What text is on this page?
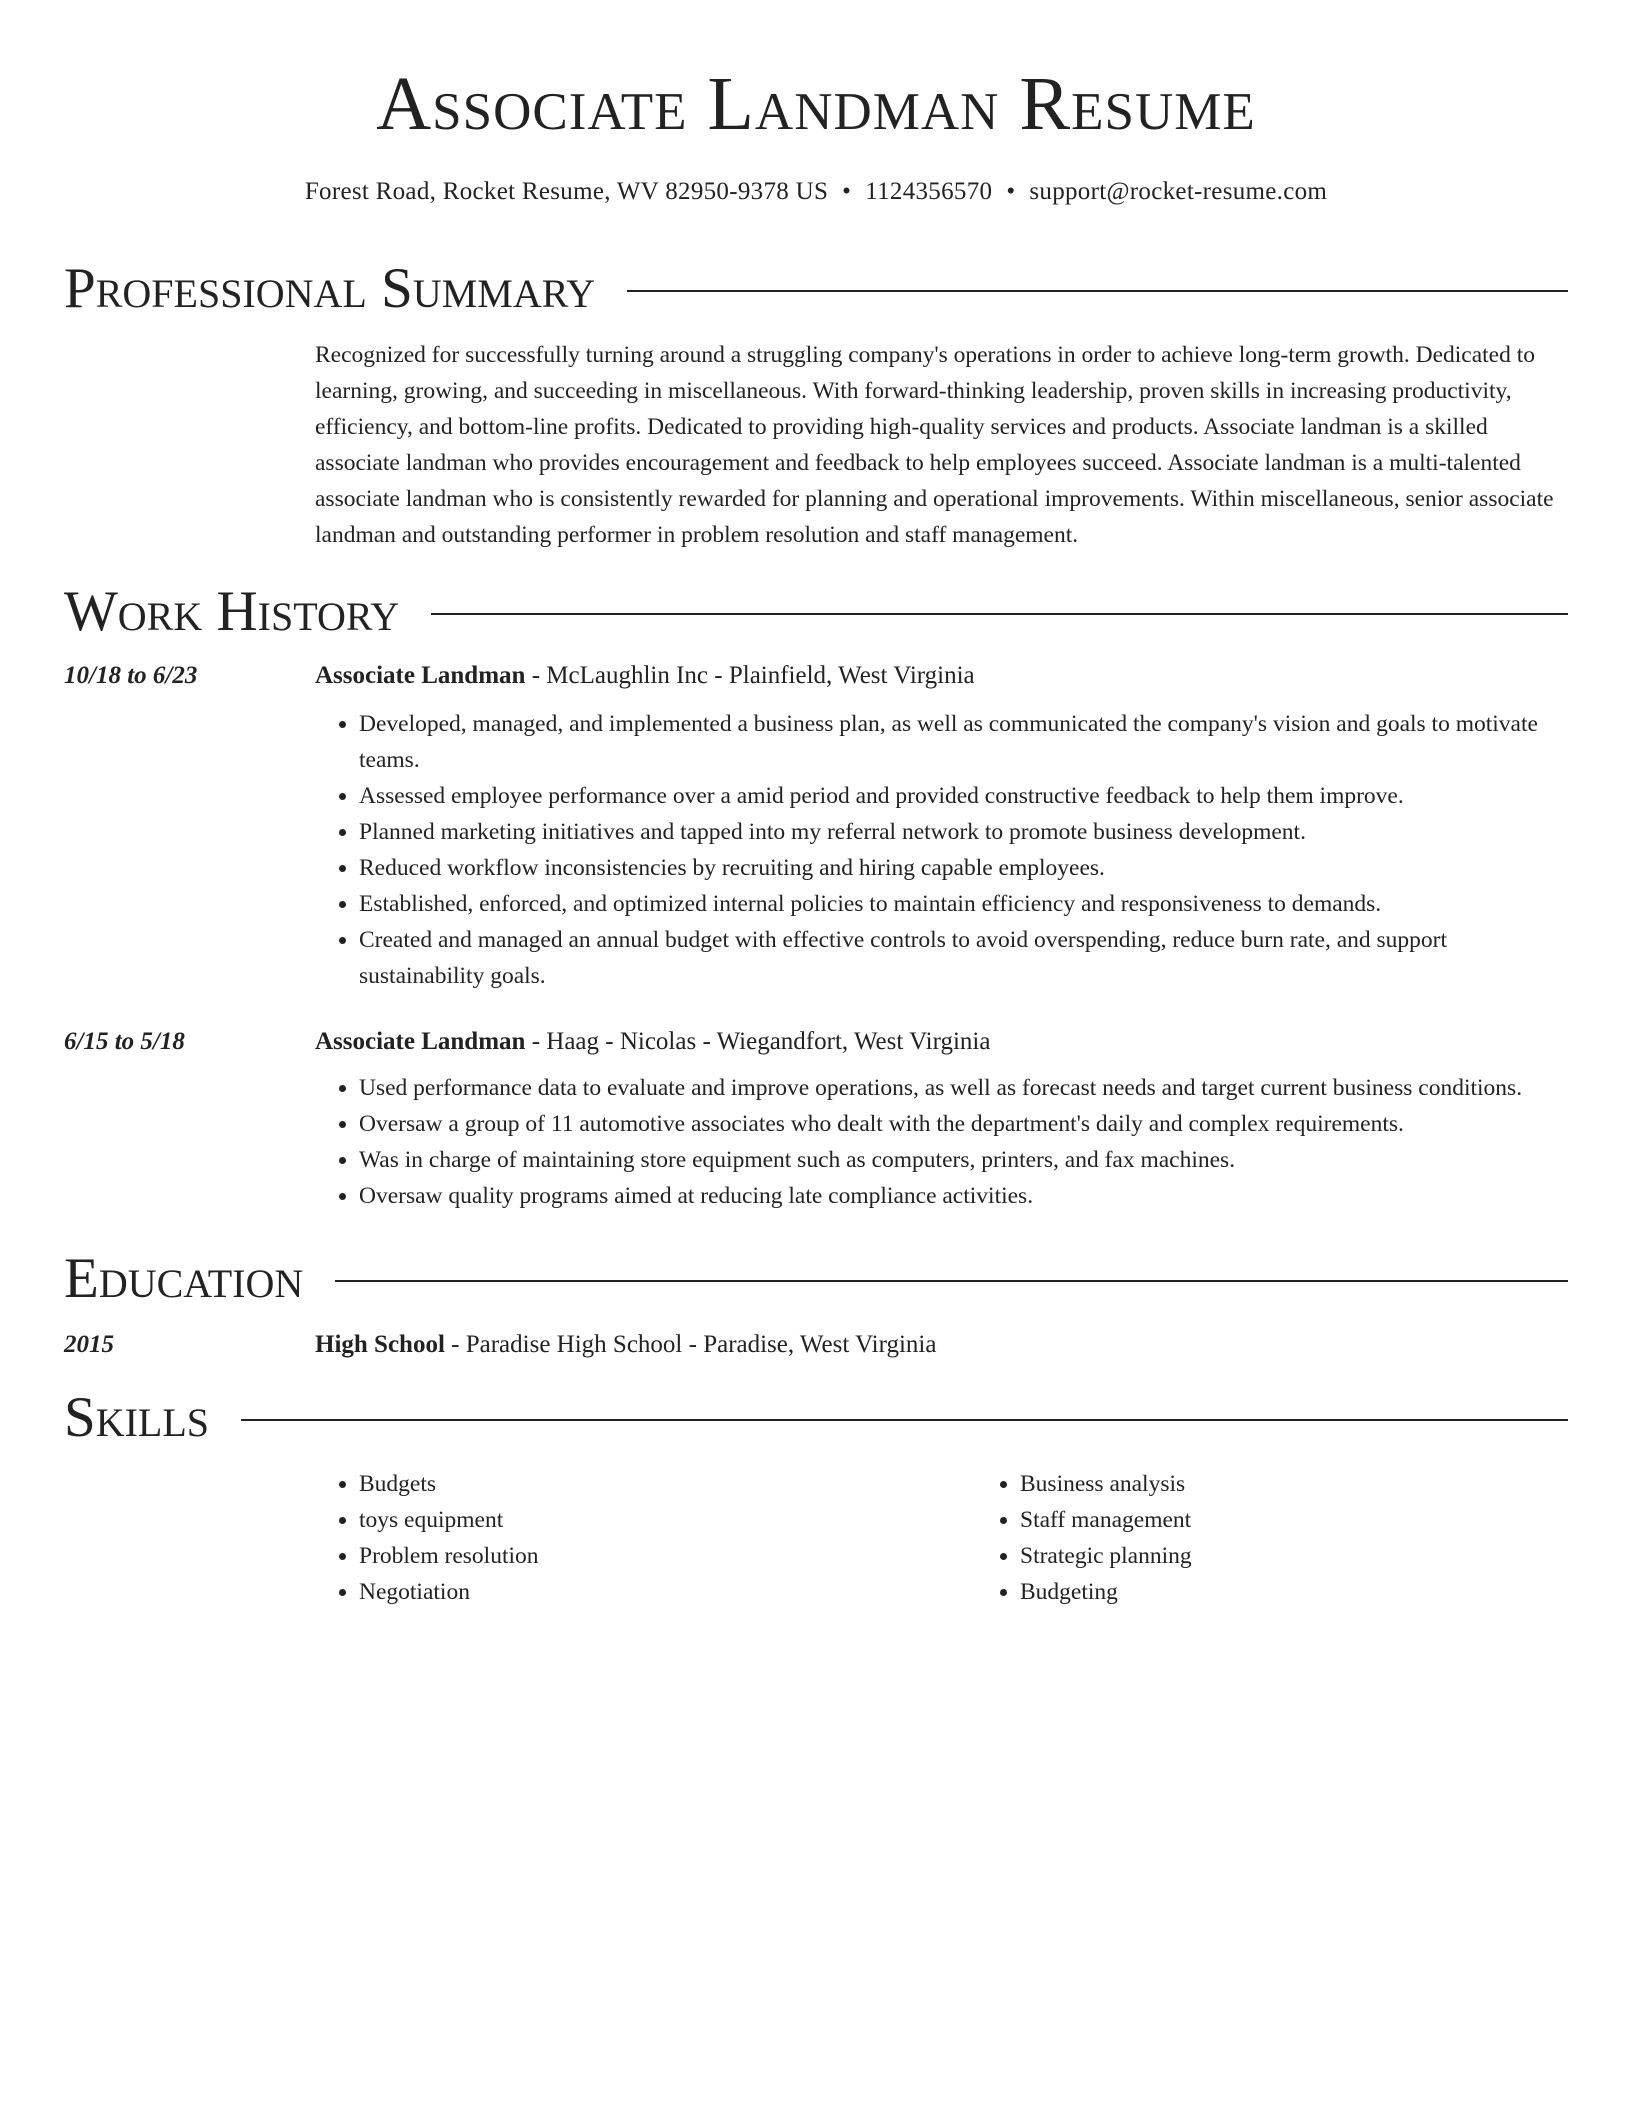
Associate Landman Resume
Forest Road, Rocket Resume, WV 82950-9378 US • 1124356570 • support@rocket-resume.com
Professional Summary
Recognized for successfully turning around a struggling company's operations in order to achieve long-term growth. Dedicated to learning, growing, and succeeding in miscellaneous. With forward-thinking leadership, proven skills in increasing productivity, efficiency, and bottom-line profits. Dedicated to providing high-quality services and products. Associate landman is a skilled associate landman who provides encouragement and feedback to help employees succeed. Associate landman is a multi-talented associate landman who is consistently rewarded for planning and operational improvements. Within miscellaneous, senior associate landman and outstanding performer in problem resolution and staff management.
Work History
10/18 to 6/23	Associate Landman - McLaughlin Inc - Plainfield, West Virginia
• Developed, managed, and implemented a business plan, as well as communicated the company's vision and goals to motivate teams.
• Assessed employee performance over a amid period and provided constructive feedback to help them improve.
• Planned marketing initiatives and tapped into my referral network to promote business development.
• Reduced workflow inconsistencies by recruiting and hiring capable employees.
• Established, enforced, and optimized internal policies to maintain efficiency and responsiveness to demands.
• Created and managed an annual budget with effective controls to avoid overspending, reduce burn rate, and support sustainability goals.
6/15 to 5/18	Associate Landman - Haag - Nicolas - Wiegandfort, West Virginia
• Used performance data to evaluate and improve operations, as well as forecast needs and target current business conditions.
• Oversaw a group of 11 automotive associates who dealt with the department's daily and complex requirements.
• Was in charge of maintaining store equipment such as computers, printers, and fax machines.
• Oversaw quality programs aimed at reducing late compliance activities.
Education
2015	High School - Paradise High School - Paradise, West Virginia
Skills
• Budgets
• toys equipment
• Problem resolution
• Negotiation
• Business analysis
• Staff management
• Strategic planning
• Budgeting
